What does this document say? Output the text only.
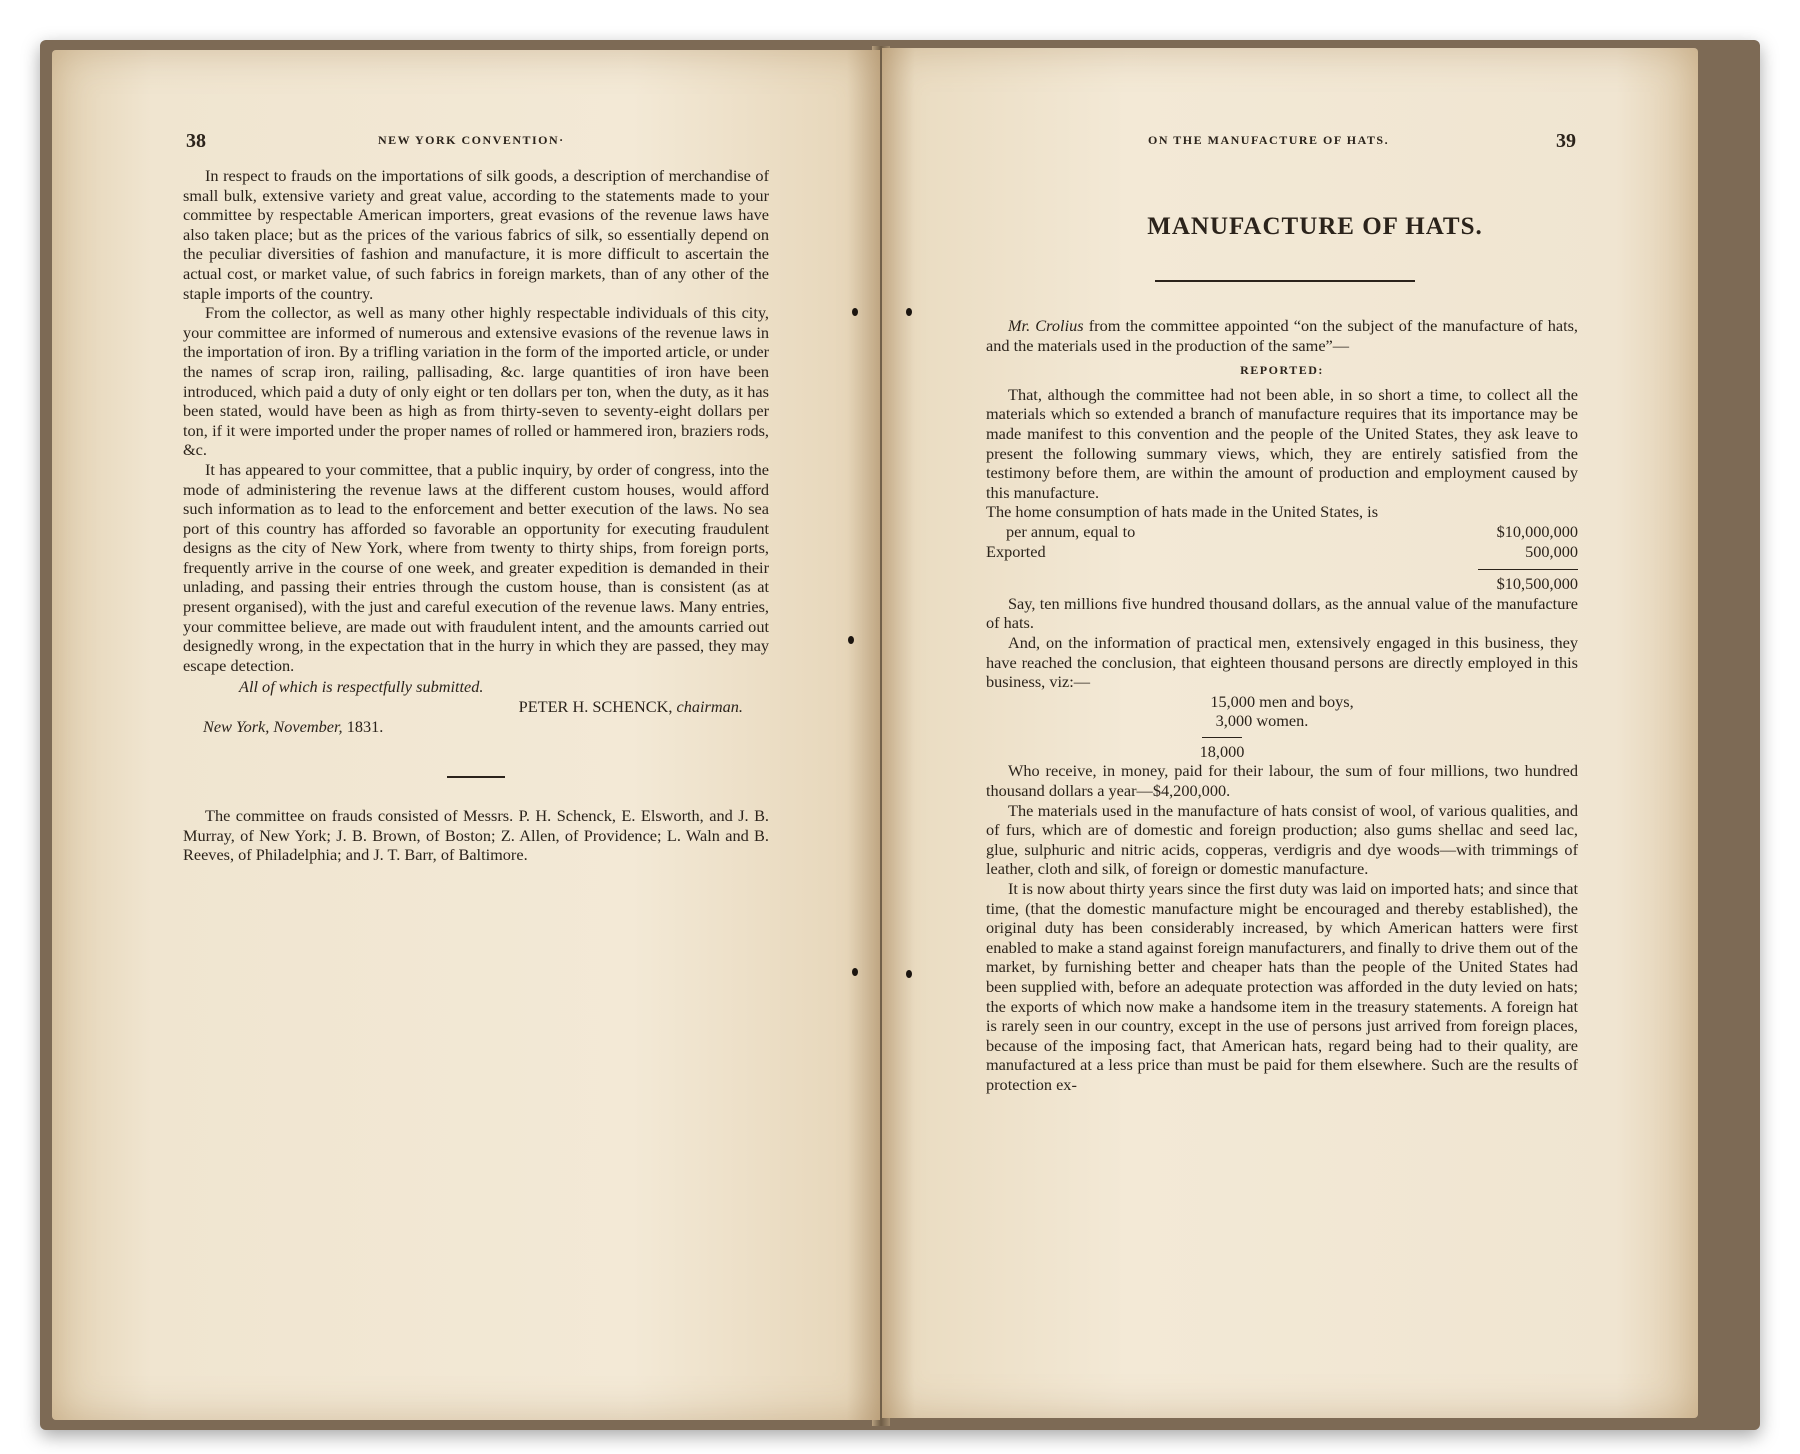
38	NEW YORK CONVENTION·

In respect to frauds on the importations of silk goods, a description of merchandise of small bulk, extensive variety and great value, according to the statements made to your committee by respectable American importers, great evasions of the revenue laws have also taken place; but as the prices of the various fabrics of silk, so essentially depend on the peculiar diversities of fashion and manufacture, it is more difficult to ascertain the actual cost, or market value, of such fabrics in foreign markets, than of any other of the staple imports of the country.

From the collector, as well as many other highly respectable individuals of this city, your committee are informed of numerous and extensive evasions of the revenue laws in the importation of iron. By a trifling variation in the form of the imported article, or under the names of scrap iron, railing, pallisading, &c. large quantities of iron have been introduced, which paid a duty of only eight or ten dollars per ton, when the duty, as it has been stated, would have been as high as from thirty-seven to seventy-eight dollars per ton, if it were imported under the proper names of rolled or hammered iron, braziers rods, &c.

It has appeared to your committee, that a public inquiry, by order of congress, into the mode of administering the revenue laws at the different custom houses, would afford such information as to lead to the enforcement and better execution of the laws. No sea port of this country has afforded so favorable an opportunity for executing fraudulent designs as the city of New York, where from twenty to thirty ships, from foreign ports, frequently arrive in the course of one week, and greater expedition is demanded in their unlading, and passing their entries through the custom house, than is consistent (as at present organised), with the just and careful execution of the revenue laws. Many entries, your committee believe, are made out with fraudulent intent, and the amounts carried out designedly wrong, in the expectation that in the hurry in which they are passed, they may escape detection.

All of which is respectfully submitted.
PETER H. SCHENCK, chairman.
New York, November, 1831.

The committee on frauds consisted of Messrs. P. H. Schenck, E. Elsworth, and J. B. Murray, of New York; J. B. Brown, of Boston; Z. Allen, of Providence; L. Waln and B. Reeves, of Philadelphia; and J. T. Barr, of Baltimore.

ON THE MANUFACTURE OF HATS.	39
MANUFACTURE OF HATS.

Mr. Crolius from the committee appointed “on the subject of the manufacture of hats, and the materials used in the production of the same”—

REPORTED:

That, although the committee had not been able, in so short a time, to collect all the materials which so extended a branch of manufacture requires that its importance may be made manifest to this convention and the people of the United States, they ask leave to present the following summary views, which, they are entirely satisfied from the testimony before them, are within the amount of production and employment caused by this manufacture.

The home consumption of hats made in the United States, is
per annum, equal to	$10,000,000
Exported	500,000
$10,500,000

Say, ten millions five hundred thousand dollars, as the annual value of the manufacture of hats.

And, on the information of practical men, extensively engaged in this business, they have reached the conclusion, that eighteen thousand persons are directly employed in this business, viz:—

15,000 men and boys,
3,000 women.
18,000

Who receive, in money, paid for their labour, the sum of four millions, two hundred thousand dollars a year—$4,200,000.

The materials used in the manufacture of hats consist of wool, of various qualities, and of furs, which are of domestic and foreign production; also gums shellac and seed lac, glue, sulphuric and nitric acids, copperas, verdigris and dye woods—with trimmings of leather, cloth and silk, of foreign or domestic manufacture.

It is now about thirty years since the first duty was laid on imported hats; and since that time, (that the domestic manufacture might be encouraged and thereby established), the original duty has been considerably increased, by which American hatters were first enabled to make a stand against foreign manufacturers, and finally to drive them out of the market, by furnishing better and cheaper hats than the people of the United States had been supplied with, before an adequate protection was afforded in the duty levied on hats; the exports of which now make a handsome item in the treasury statements. A foreign hat is rarely seen in our country, except in the use of persons just arrived from foreign places, because of the imposing fact, that American hats, regard being had to their quality, are manufactured at a less price than must be paid for them elsewhere. Such are the results of protection ex-
